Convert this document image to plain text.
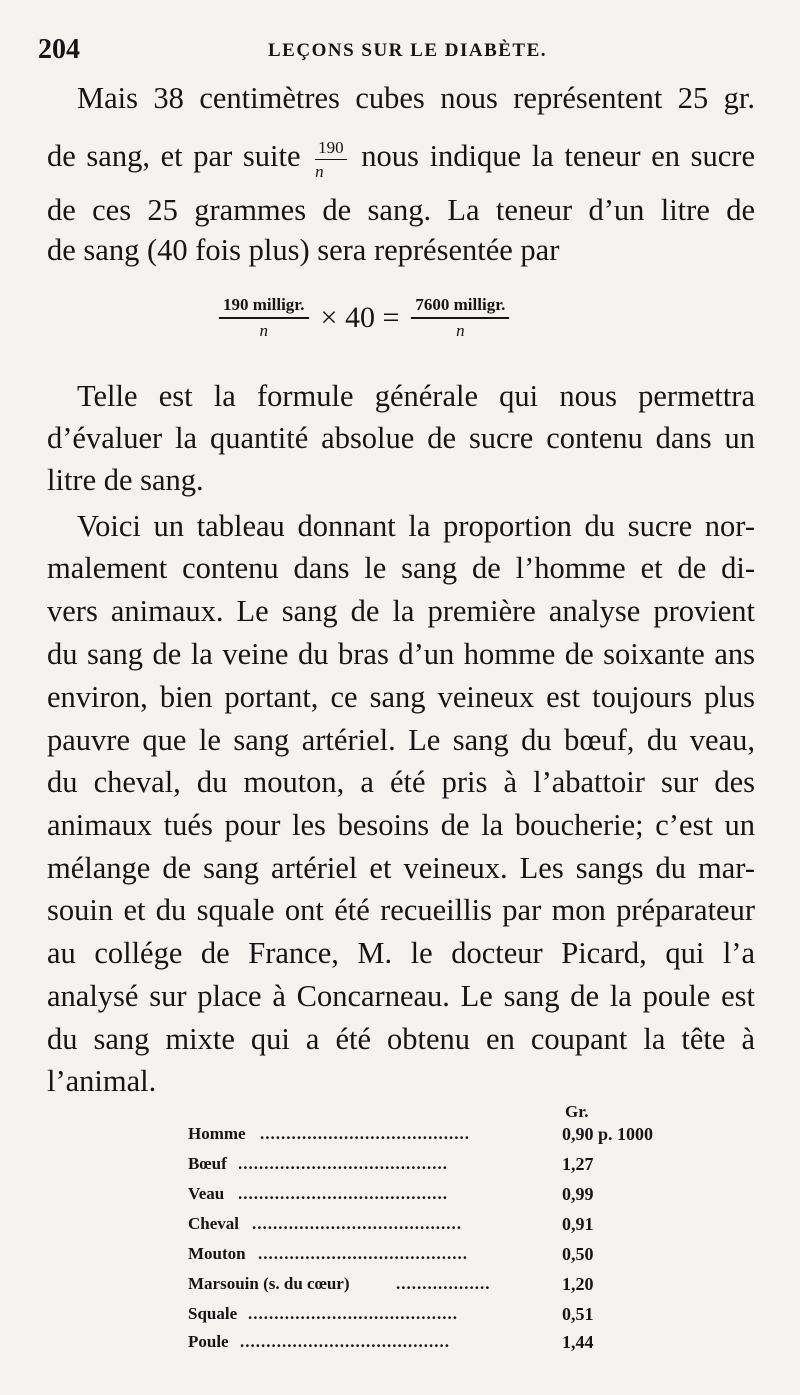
204	LEÇONS SUR LE DIABÈTE.
Mais 38 centimètres cubes nous représentent 25 gr.
de sang, et par suite $\frac{190}{n}$ nous indique la teneur en sucre
de ces 25 grammes de sang. La teneur d’un litre de
de sang (40 fois plus) sera représentée par
$\frac{\text{190 milligr.}}{n} \times 40 = \frac{\text{7600 milligr.}}{n}$
Telle est la formule générale qui nous permettra
d’évaluer la quantité absolue de sucre contenu dans un
litre de sang.
Voici un tableau donnant la proportion du sucre nor-
malement contenu dans le sang de l’homme et de di-
vers animaux. Le sang de la première analyse provient
du sang de la veine du bras d’un homme de soixante ans
environ, bien portant, ce sang veineux est toujours plus
pauvre que le sang artériel. Le sang du bœuf, du veau,
du cheval, du mouton, a été pris à l’abattoir sur des
animaux tués pour les besoins de la boucherie; c’est un
mélange de sang artériel et veineux. Les sangs du mar-
souin et du squale ont été recueillis par mon préparateur
au collége de France, M. le docteur Picard, qui l’a
analysé sur place à Concarneau. Le sang de la poule est
du sang mixte qui a été obtenu en coupant la tête à
l’animal.
Gr.
Homme ........................................	0,90 p. 1000
Bœuf ........................................	1,27
Veau ........................................	0,99
Cheval ........................................	0,91
Mouton ........................................	0,50
Marsouin (s. du cœur)	..................	1,20
Squale ........................................	0,51
Poule ........................................	1,44
